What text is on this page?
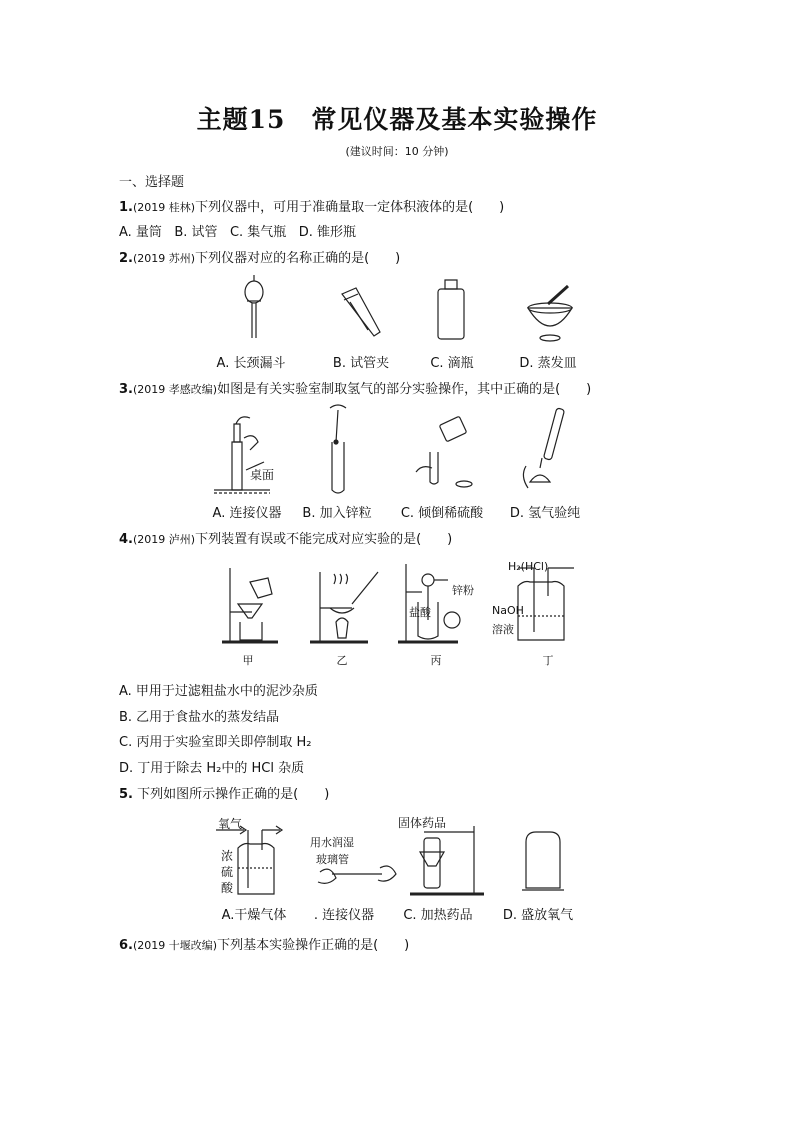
主题15　常见仪器及基本实验操作
(建议时间：10 分钟)
一、选择题
1.(2019 桂林)下列仪器中，可用于准确量取一定体积液体的是(　　)
A. 量筒 B. 试管 C. 集气瓶 D. 锥形瓶
2.(2019 苏州)下列仪器对应的名称正确的是(　　)
A. 长颈漏斗	B. 试管夹	C. 滴瓶	D. 蒸发皿
3.(2019 孝感改编)如图是有关实验室制取氢气的部分实验操作，其中正确的是(　　)
桌面
A. 连接仪器	B. 加入锌粒	C. 倾倒稀硫酸	D. 氢气验纯
4.(2019 泸州)下列装置有误或不能完成对应实验的是(　　)
H₂(HCl)
锌粉
盐酸	NaOH
溶液
甲	乙	丙	丁
A. 甲用于过滤粗盐水中的泥沙杂质
B. 乙用于食盐水的蒸发结晶
C. 丙用于实验室即关即停制取 H₂
D. 丁用于除去 H₂中的 HCl 杂质
5. 下列如图所示操作正确的是(　　)
氧气
浓硫酸
用水润湿
玻璃管
固体药品
A.干燥气体	. 连接仪器	C. 加热药品	D. 盛放氧气
6.(2019 十堰改编)下列基本实验操作正确的是(　　)
